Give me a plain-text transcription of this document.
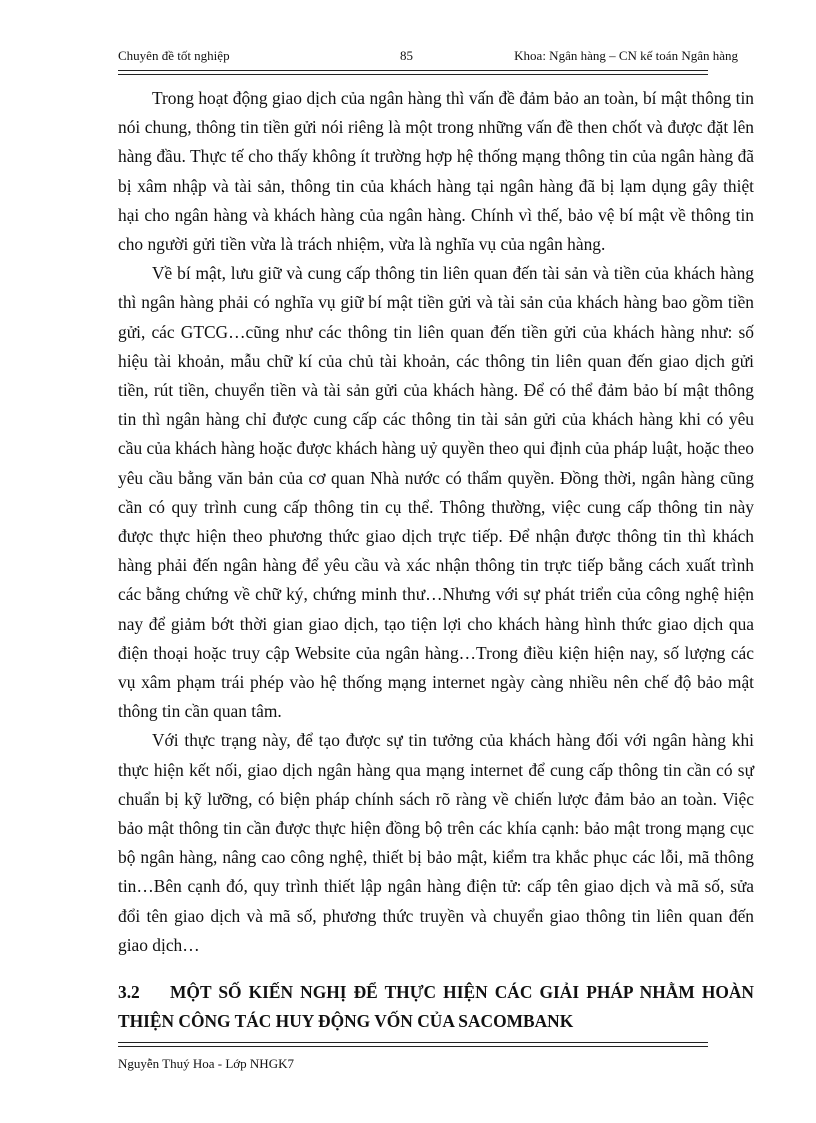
Chuyên đề tốt nghiệp	85	Khoa: Ngân hàng – CN kế toán Ngân hàng

Trong hoạt động giao dịch của ngân hàng thì vấn đề đảm bảo an toàn, bí mật thông tin nói chung, thông tin tiền gửi nói riêng là một trong những vấn đề then chốt và được đặt lên hàng đầu. Thực tế cho thấy không ít trường hợp hệ thống mạng thông tin của ngân hàng đã bị xâm nhập và tài sản, thông tin của khách hàng tại ngân hàng đã bị lạm dụng gây thiệt hại cho ngân hàng và khách hàng của ngân hàng. Chính vì thế, bảo vệ bí mật về thông tin cho người gửi tiền vừa là trách nhiệm, vừa là nghĩa vụ của ngân hàng.

Về bí mật, lưu giữ và cung cấp thông tin liên quan đến tài sản và tiền của khách hàng thì ngân hàng phải có nghĩa vụ giữ bí mật tiền gửi và tài sản của khách hàng bao gồm tiền gửi, các GTCG…cũng như các thông tin liên quan đến tiền gửi của khách hàng như: số hiệu tài khoản, mẫu chữ kí của chủ tài khoản, các thông tin liên quan đến giao dịch gửi tiền, rút tiền, chuyển tiền và tài sản gửi của khách hàng. Để có thể đảm bảo bí mật thông tin thì ngân hàng chỉ được cung cấp các thông tin tài sản gửi của khách hàng khi có yêu cầu của khách hàng hoặc được khách hàng uỷ quyền theo qui định của pháp luật, hoặc theo yêu cầu bằng văn bản của cơ quan Nhà nước có thẩm quyền. Đồng thời, ngân hàng cũng cần có quy trình cung cấp thông tin cụ thể. Thông thường, việc cung cấp thông tin này được thực hiện theo phương thức giao dịch trực tiếp. Để nhận được thông tin thì khách hàng phải đến ngân hàng để yêu cầu và xác nhận thông tin trực tiếp bằng cách xuất trình các bằng chứng về chữ ký, chứng minh thư…Nhưng với sự phát triển của công nghệ hiện nay để giảm bớt thời gian giao dịch, tạo tiện lợi cho khách hàng hình thức giao dịch qua điện thoại hoặc truy cập Website của ngân hàng…Trong điều kiện hiện nay, số lượng các vụ xâm phạm trái phép vào hệ thống mạng internet ngày càng nhiều nên chế độ bảo mật thông tin cần quan tâm.

Với thực trạng này, để tạo được sự tin tưởng của khách hàng đối với ngân hàng khi thực hiện kết nối, giao dịch ngân hàng qua mạng internet để cung cấp thông tin cần có sự chuẩn bị kỹ lưỡng, có biện pháp chính sách rõ ràng về chiến lược đảm bảo an toàn. Việc bảo mật thông tin cần được thực hiện đồng bộ trên các khía cạnh: bảo mật trong mạng cục bộ ngân hàng, nâng cao công nghệ, thiết bị bảo mật, kiểm tra khắc phục các lỗi, mã thông tin…Bên cạnh đó, quy trình thiết lập ngân hàng điện tử: cấp tên giao dịch và mã số, sửa đổi tên giao dịch và mã số, phương thức truyền và chuyển giao thông tin liên quan đến giao dịch…

3.2 MỘT SỐ KIẾN NGHỊ ĐỂ THỰC HIỆN CÁC GIẢI PHÁP NHẰM HOÀN THIỆN CÔNG TÁC HUY ĐỘNG VỐN CỦA SACOMBANK
Nguyễn Thuý Hoa - Lớp NHGK7
